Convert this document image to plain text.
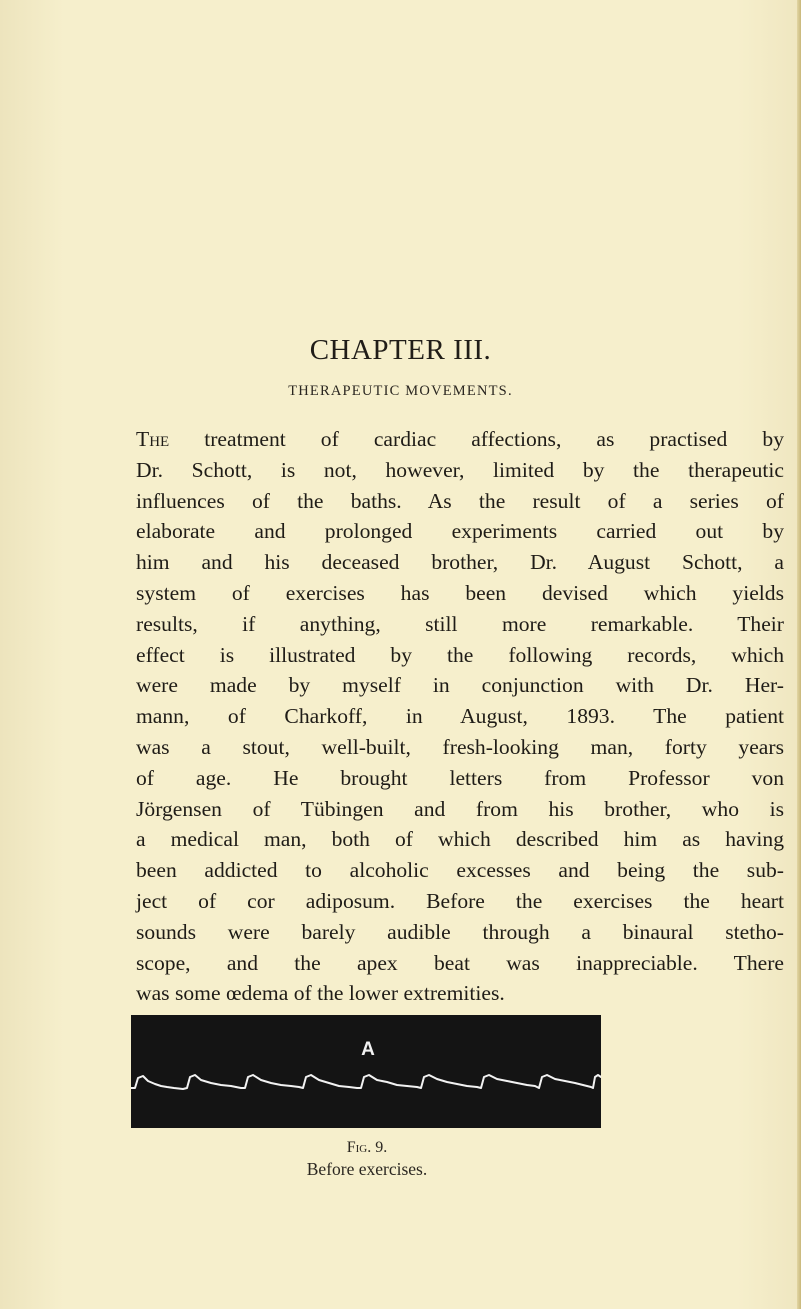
CHAPTER III.
THERAPEUTIC MOVEMENTS.
The treatment of cardiac affections, as practised by
Dr. Schott, is not, however, limited by the therapeutic
influences of the baths. As the result of a series of
elaborate and prolonged experiments carried out by
him and his deceased brother, Dr. August Schott, a
system of exercises has been devised which yields
results, if anything, still more remarkable. Their
effect is illustrated by the following records, which
were made by myself in conjunction with Dr. Her-
mann, of Charkoff, in August, 1893. The patient
was a stout, well-built, fresh-looking man, forty years
of age. He brought letters from Professor von
Jörgensen of Tübingen and from his brother, who is
a medical man, both of which described him as having
been addicted to alcoholic excesses and being the sub-
ject of cor adiposum. Before the exercises the heart
sounds were barely audible through a binaural stetho-
scope, and the apex beat was inappreciable. There
was some œdema of the lower extremities.
A
Fig. 9.
Before exercises.
